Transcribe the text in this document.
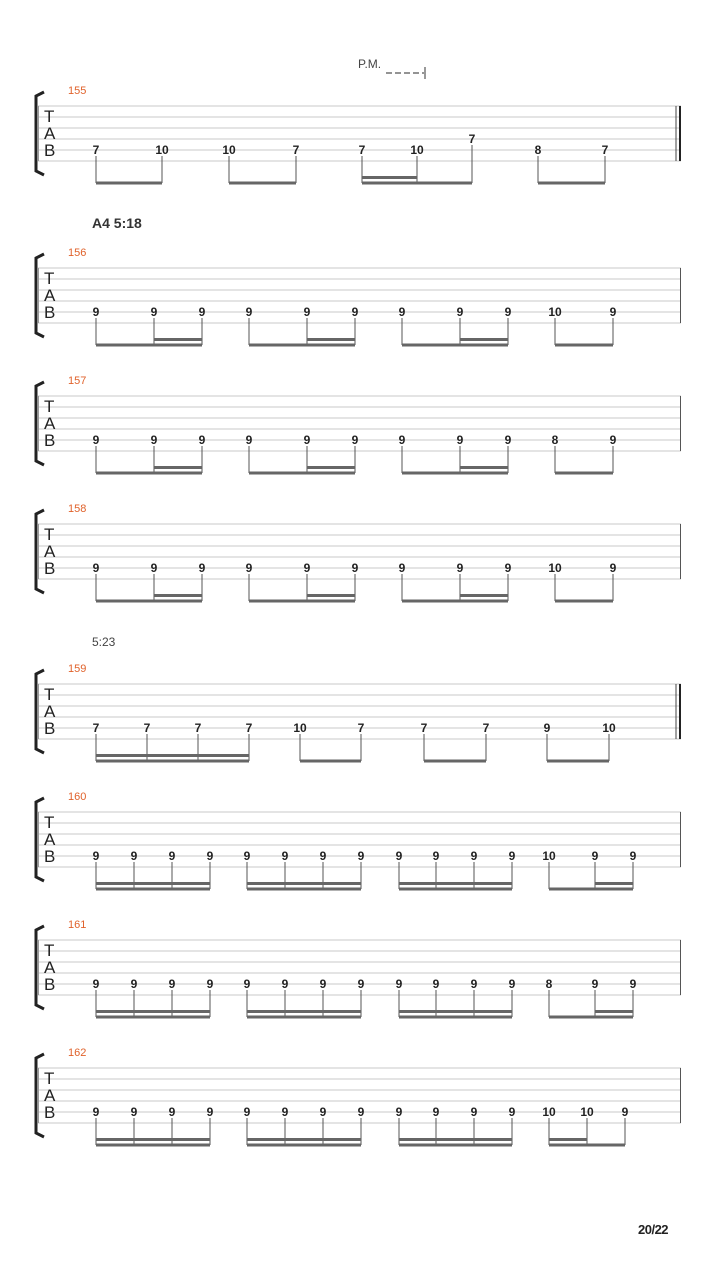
P.M.
A4 5:18
5:23
T
A
B
155
7	10	10	7	7	10
7
8	7
T
A
B
156
9	9	9	9	9	9	9	9	9	10	9
T
A
B
157
9	9	9	9	9	9	9	9	9	8	9
T
A
B
158
9	9	9	9	9	9	9	9	9	10	9
T
A
B
159
7	7	7	7	10	7	7	7	9	10
T
A
B
160
9	9	9	9	9	9	9	9	9	9	9	9 10	9	9
T
A
B
161
9	9	9	9	9	9	9	9	9	9	9	9	8	9	9
T
A
B
162
9	9	9	9	9	9	9	9	9	9	9	9 10 10 9
20/22
